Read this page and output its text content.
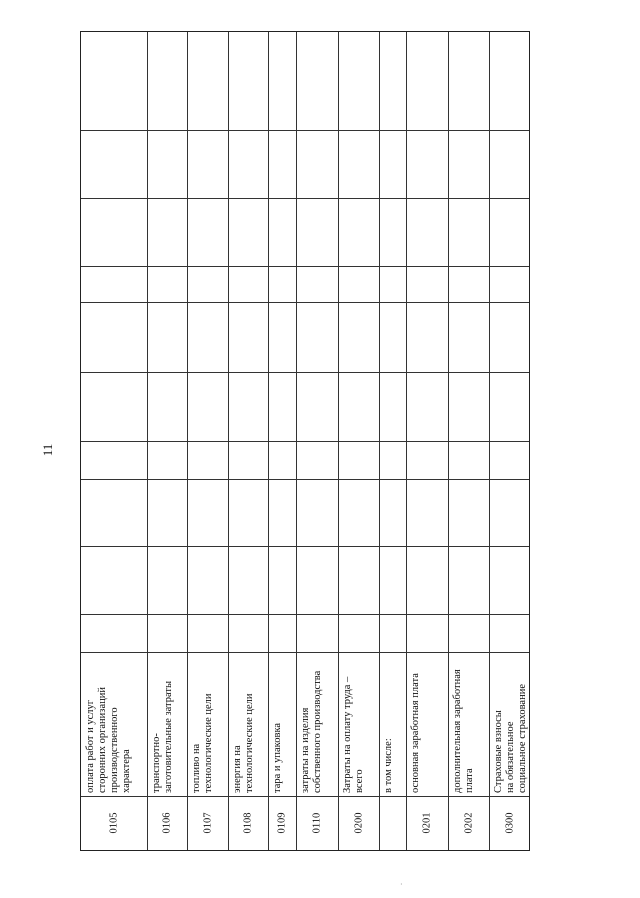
11
0105
оплата работ и услуг
сторонних организаций
производственного
характера
0106
транспортно-
заготовительные затраты
0107
топливо на
технологические цели
0108
энергия на
технологические цели
0109
тара и упаковка
0110
затраты на изделия
собственного производства
0200
Затраты на оплату труда –
всего в том числе:
0201
основная заработная плата
0202
дополнительная заработная
плата
0300
Страховые взносы
на обязательное
социальное страхование
·
